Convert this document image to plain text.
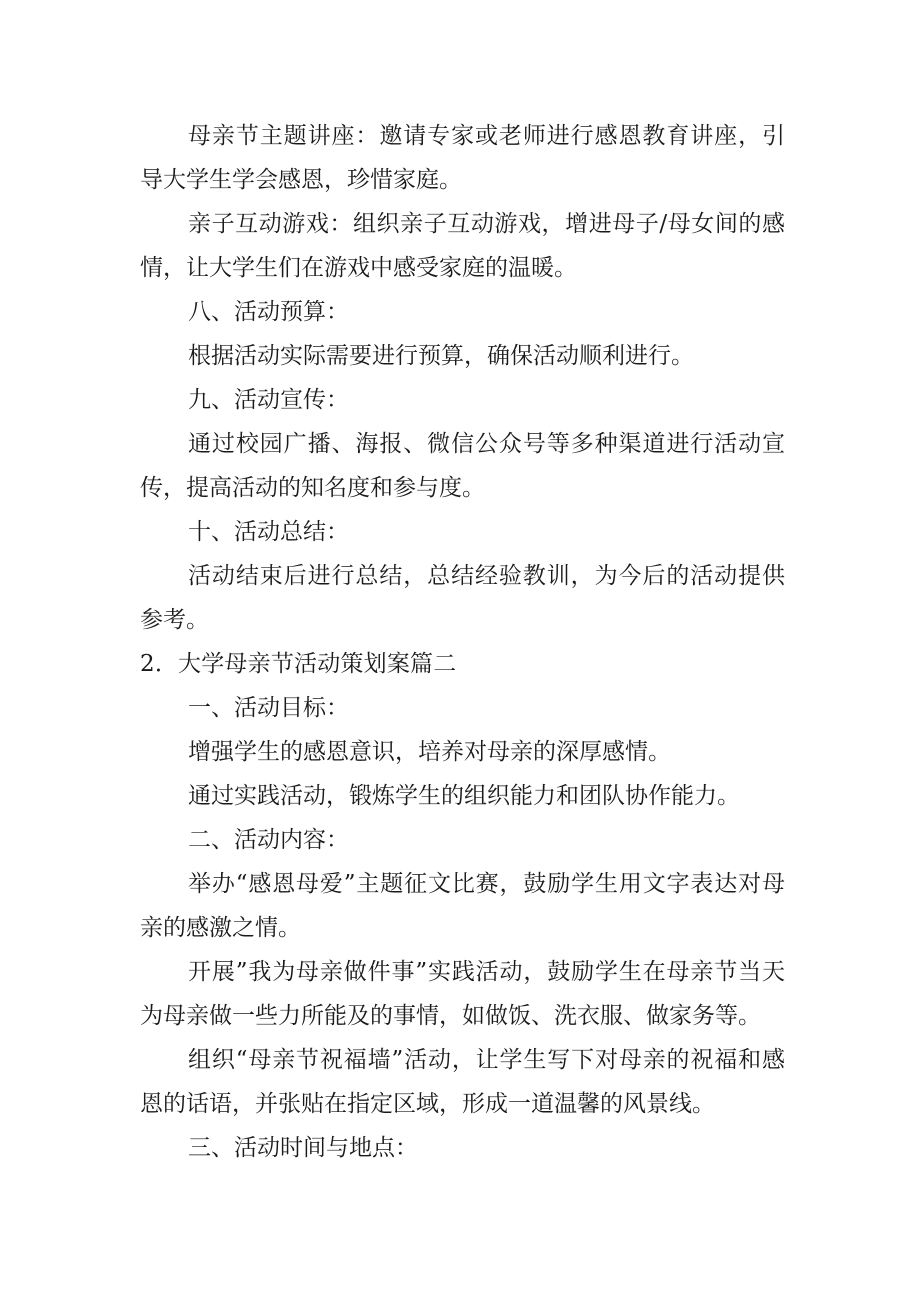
母亲节主题讲座：邀请专家或老师进行感恩教育讲座，引导大学生学会感恩，珍惜家庭。

亲子互动游戏：组织亲子互动游戏，增进母子/母女间的感情，让大学生们在游戏中感受家庭的温暖。

八、活动预算：

根据活动实际需要进行预算，确保活动顺利进行。

九、活动宣传：

通过校园广播、海报、微信公众号等多种渠道进行活动宣传，提高活动的知名度和参与度。

十、活动总结：

活动结束后进行总结，总结经验教训，为今后的活动提供参考。

2．大学母亲节活动策划案篇二

一、活动目标：

增强学生的感恩意识，培养对母亲的深厚感情。

通过实践活动，锻炼学生的组织能力和团队协作能力。

二、活动内容：

举办“感恩母爱”主题征文比赛，鼓励学生用文字表达对母亲的感激之情。

开展”我为母亲做件事”实践活动，鼓励学生在母亲节当天为母亲做一些力所能及的事情，如做饭、洗衣服、做家务等。

组织“母亲节祝福墙”活动，让学生写下对母亲的祝福和感恩的话语，并张贴在指定区域，形成一道温馨的风景线。

三、活动时间与地点：
